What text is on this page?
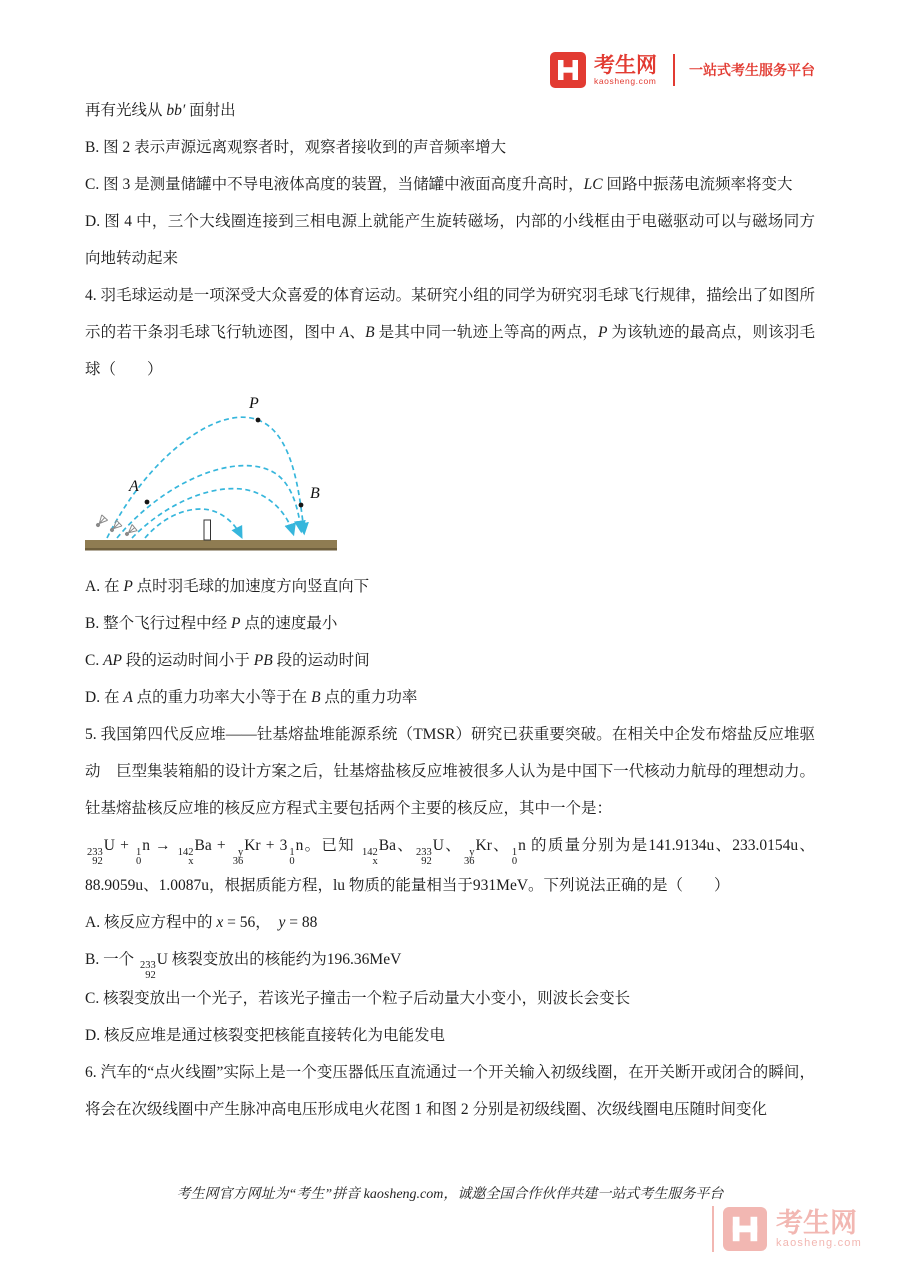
考生网
kaosheng.com
一站式考生服务平台

再有光线从 bb′ 面射出

B. 图 2 表示声源远离观察者时，观察者接收到的声音频率增大

C. 图 3 是测量储罐中不导电液体高度的装置，当储罐中液面高度升高时，LC 回路中振荡电流频率将变大

D. 图 4 中，三个大线圈连接到三相电源上就能产生旋转磁场，内部的小线框由于电磁驱动可以与磁场同方向地转动起来

4. 羽毛球运动是一项深受大众喜爱的体育运动。某研究小组的同学为研究羽毛球飞行规律，描绘出了如图所示的若干条羽毛球飞行轨迹图，图中 A、B 是其中同一轨迹上等高的两点，P 为该轨迹的最高点，则该羽毛球（　　）

P
A	B

A. 在 P 点时羽毛球的加速度方向竖直向下

B. 整个飞行过程中经 P 点的速度最小

C. AP 段的运动时间小于 PB 段的运动时间

D. 在 A 点的重力功率大小等于在 B 点的重力功率

5. 我国第四代反应堆——钍基熔盐堆能源系统（TMSR）研究已获重要突破。在相关中企发布熔盐反应堆驱动　巨型集装箱船的设计方案之后，钍基熔盐核反应堆被很多人认为是中国下一代核动力航母的理想动力。钍基熔盐核反应堆的核反应方程式主要包括两个主要的核反应，其中一个是：

233
92
U + 1
0
n → 142
x
Ba + y
36
Kr + 3 1
0
n。已知 142
x
Ba、 233
92
U、 y
36
Kr、 1
0
n 的质量分别为是141.9134u、233.0154u、88.9059u、1.0087u，根据质能方程，lu 物质的能量相当于931MeV。下列说法正确的是（　　）

A. 核反应方程中的 x = 56，　y = 88

B. 一个 233
92
U 核裂变放出的核能约为196.36MeV

C. 核裂变放出一个光子，若该光子撞击一个粒子后动量大小变小，则波长会变长

D. 核反应堆是通过核裂变把核能直接转化为电能发电

6. 汽车的“点火线圈”实际上是一个变压器低压直流通过一个开关输入初级线圈，在开关断开或闭合的瞬间，将会在次级线圈中产生脉冲高电压形成电火花图 1 和图 2 分别是初级线圈、次级线圈电压随时间变化

考生网官方网址为“考生”拼音 kaosheng.com，诚邀全国合作伙伴共建一站式考生服务平台
考生网
kaosheng.com
